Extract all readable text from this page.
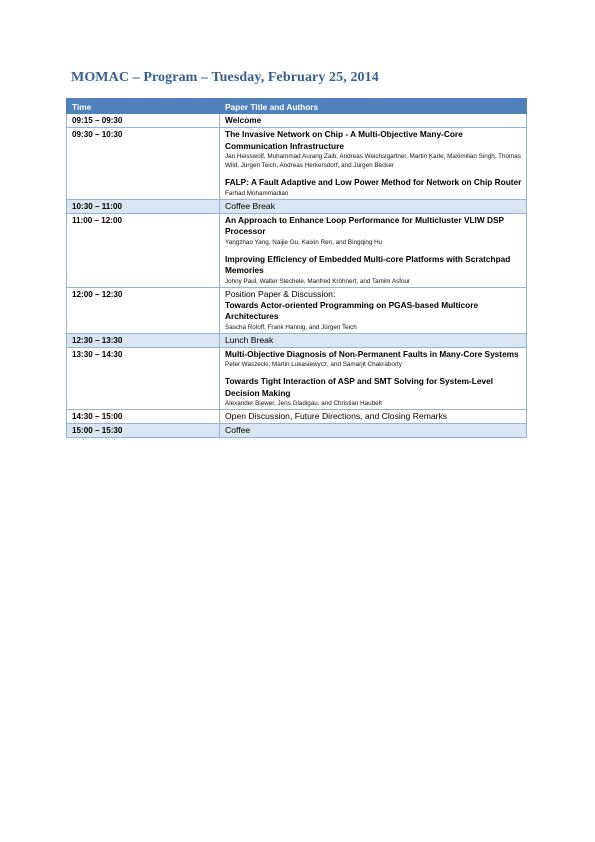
MOMAC – Program – Tuesday, February 25, 2014
Time	Paper Title and Authors
09:15 – 09:30	Welcome
09:30 – 10:30	The Invasive Network on Chip - A Multi-Objective Many-Core Communication Infrastructure
Jan Heisswolf, Muhammad Aurang Zaib, Andreas Weichslgartner, Martin Karle, Maximilian Singh, Thomas Wild, Jürgen Teich, Andreas Herkersdorf, and Jürgen Becker
FALP: A Fault Adaptive and Low Power Method for Network on Chip Router
Farhad Mohammadian

10:30 – 11:00	Coffee Break
11:00 – 12:00	An Approach to Enhance Loop Performance for Multicluster VLIW DSP Processor
Yangzhao Yang, Naijie Gu, Kaixin Ren, and Bingqing Hu
Improving Efficiency of Embedded Multi-core Platforms with Scratchpad Memories
Johny Paul, Walter Stechele, Manfred Kröhnert, and Tamim Asfour

12:00 – 12:30	Position Paper & Discussion:
Towards Actor-oriented Programming on PGAS-based Multicore Architectures
Sascha Roloff, Frank Hannig, and Jürgen Teich

12:30 – 13:30	Lunch Break
13:30 – 14:30	Multi-Objective Diagnosis of Non-Permanent Faults in Many-Core Systems
Peter Waszecki, Martin Lukasiewycz, and Samarjit Chakraborty
Towards Tight Interaction of ASP and SMT Solving for System-Level Decision Making
Alexander Biewer, Jens Gladigau, and Christian Haubelt

14:30 – 15:00	Open Discussion, Future Directions, and Closing Remarks
15:00 – 15:30	Coffee
